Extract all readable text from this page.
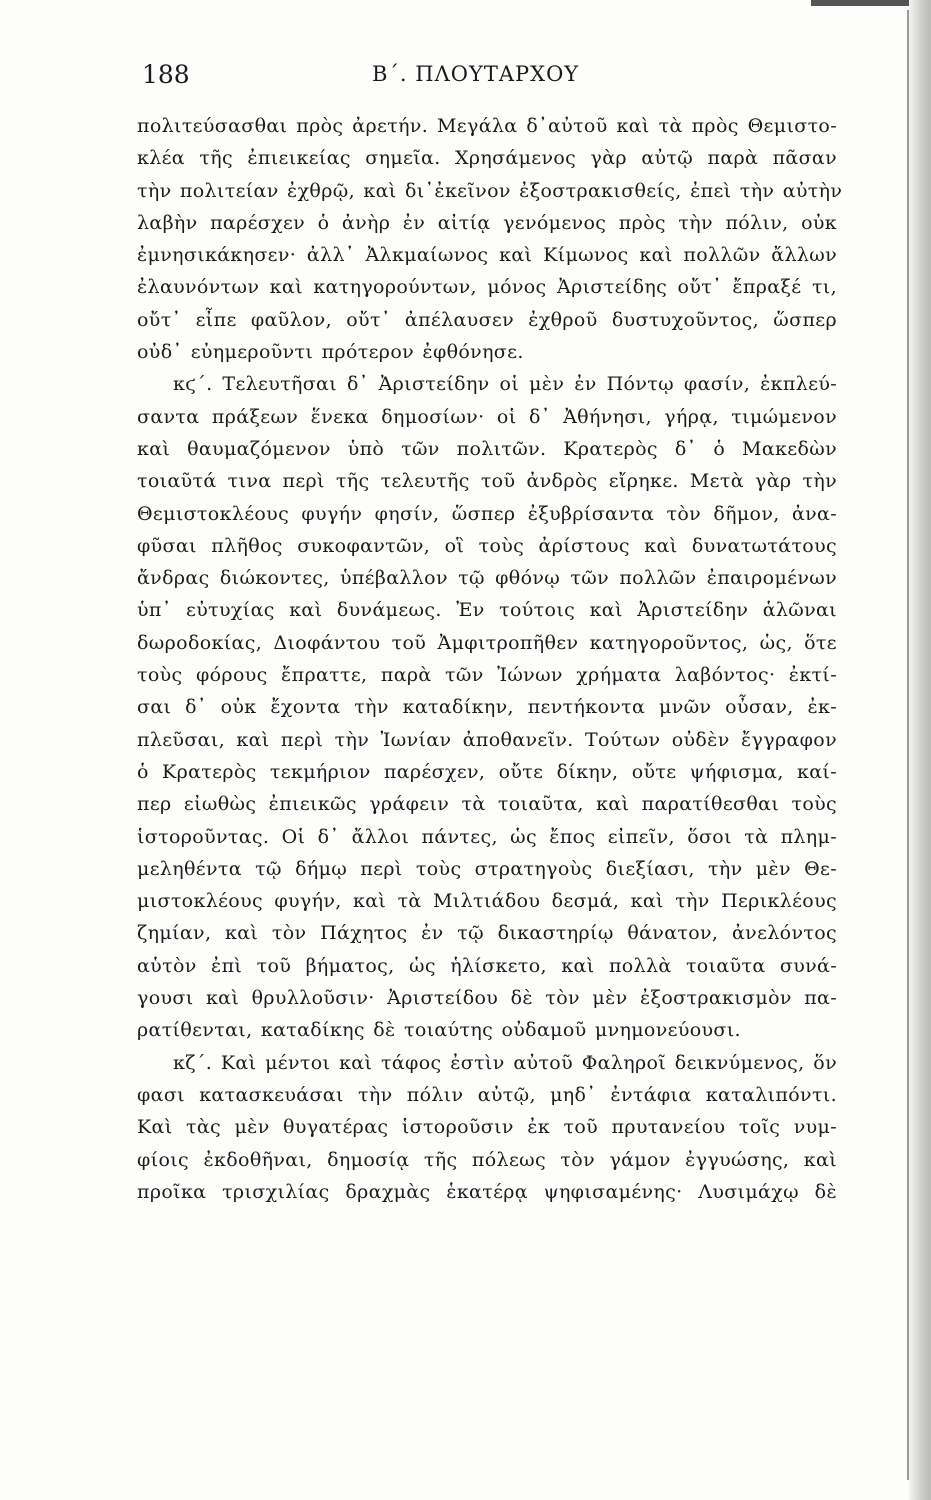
188	Β΄. ΠΛΟΥΤΑΡΧΟΥ
πολιτεύσασθαι πρὸς ἀρετήν. Μεγάλα δ᾽αὐτοῦ καὶ τὰ πρὸς Θεμιστο-
κλέα τῆς ἐπιεικείας σημεῖα. Χρησάμενος γὰρ αὐτῷ παρὰ πᾶσαν
τὴν πολιτείαν ἐχθρῷ, καὶ δι᾽ἐκεῖνον ἐξοστρακισθείς, ἐπεὶ τὴν αὐτὴν
λαβὴν παρέσχεν ὁ ἀνὴρ ἐν αἰτίᾳ γενόμενος πρὸς τὴν πόλιν, οὐκ
ἐμνησικάκησεν· ἀλλ᾽ Ἀλκμαίωνος καὶ Κίμωνος καὶ πολλῶν ἄλλων
ἐλαυνόντων καὶ κατηγορούντων, μόνος Ἀριστείδης οὔτ᾽ ἔπραξέ τι,
οὔτ᾽ εἶπε φαῦλον, οὔτ᾽ ἀπέλαυσεν ἐχθροῦ δυστυχοῦντος, ὥσπερ
οὐδ᾽ εὐημεροῦντι πρότερον ἐφθόνησε.
κϛ΄. Τελευτῆσαι δ᾽ Ἀριστείδην οἱ μὲν ἐν Πόντῳ φασίν, ἐκπλεύ-
σαντα πράξεων ἕνεκα δημοσίων· οἱ δ᾽ Ἀθήνησι, γήρᾳ, τιμώμενον
καὶ θαυμαζόμενον ὑπὸ τῶν πολιτῶν. Κρατερὸς δ᾽ ὁ Μακεδὼν
τοιαῦτά τινα περὶ τῆς τελευτῆς τοῦ ἀνδρὸς εἴρηκε. Μετὰ γὰρ τὴν
Θεμιστοκλέους φυγήν φησίν, ὥσπερ ἐξυβρίσαντα τὸν δῆμον, ἀνα-
φῦσαι πλῆθος συκοφαντῶν, οἳ τοὺς ἀρίστους καὶ δυνατωτάτους
ἄνδρας διώκοντες, ὑπέβαλλον τῷ φθόνῳ τῶν πολλῶν ἐπαιρομένων
ὑπ᾽ εὐτυχίας καὶ δυνάμεως. Ἐν τούτοις καὶ Ἀριστείδην ἁλῶναι
δωροδοκίας, Διοφάντου τοῦ Ἀμφιτροπῆθεν κατηγοροῦντος, ὡς, ὅτε
τοὺς φόρους ἔπραττε, παρὰ τῶν Ἰώνων χρήματα λαβόντος· ἐκτί-
σαι δ᾽ οὐκ ἔχοντα τὴν καταδίκην, πεντήκοντα μνῶν οὖσαν, ἐκ-
πλεῦσαι, καὶ περὶ τὴν Ἰωνίαν ἀποθανεῖν. Τούτων οὐδὲν ἔγγραφον
ὁ Κρατερὸς τεκμήριον παρέσχεν, οὔτε δίκην, οὔτε ψήφισμα, καί-
περ εἰωθὼς ἐπιεικῶς γράφειν τὰ τοιαῦτα, καὶ παρατίθεσθαι τοὺς
ἱστοροῦντας. Οἱ δ᾽ ἄλλοι πάντες, ὡς ἔπος εἰπεῖν, ὅσοι τὰ πλημ-
μεληθέντα τῷ δήμῳ περὶ τοὺς στρατηγοὺς διεξίασι, τὴν μὲν Θε-
μιστοκλέους φυγήν, καὶ τὰ Μιλτιάδου δεσμά, καὶ τὴν Περικλέους
ζημίαν, καὶ τὸν Πάχητος ἐν τῷ δικαστηρίῳ θάνατον, ἀνελόντος
αὑτὸν ἐπὶ τοῦ βήματος, ὡς ἡλίσκετο, καὶ πολλὰ τοιαῦτα συνά-
γουσι καὶ θρυλλοῦσιν· Ἀριστείδου δὲ τὸν μὲν ἐξοστρακισμὸν πα-
ρατίθενται, καταδίκης δὲ τοιαύτης οὐδαμοῦ μνημονεύουσι.
κζ΄. Καὶ μέντοι καὶ τάφος ἐστὶν αὐτοῦ Φαληροῖ δεικνύμενος, ὅν
φασι κατασκευάσαι τὴν πόλιν αὐτῷ, μηδ᾽ ἐντάφια καταλιπόντι.
Καὶ τὰς μὲν θυγατέρας ἱστοροῦσιν ἐκ τοῦ πρυτανείου τοῖς νυμ-
φίοις ἐκδοθῆναι, δημοσίᾳ τῆς πόλεως τὸν γάμον ἐγγυώσης, καὶ
προῖκα τρισχιλίας δραχμὰς ἑκατέρᾳ ψηφισαμένης· Λυσιμάχῳ δὲ
